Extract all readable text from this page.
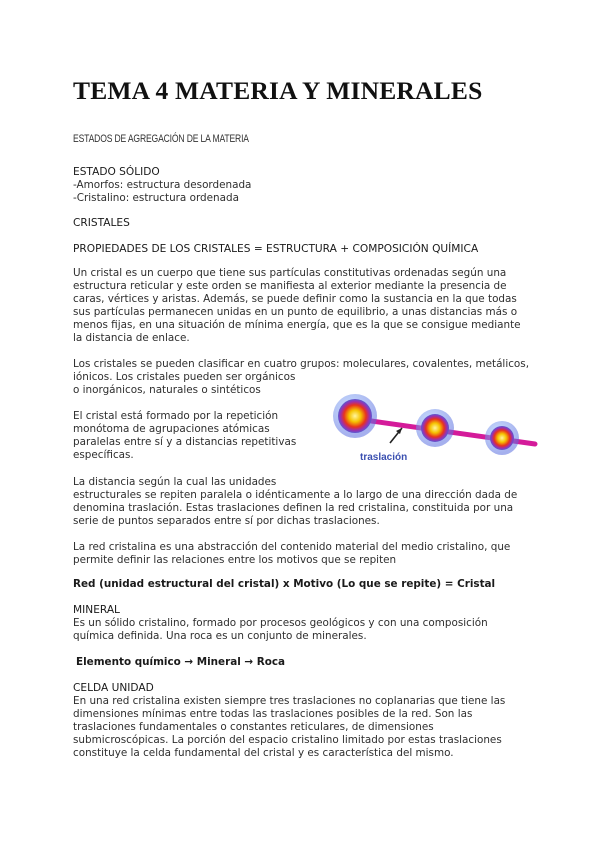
TEMA 4 MATERIA Y MINERALES
ESTADOS DE AGREGACIÓN DE LA MATERIA
ESTADO SÓLIDO
-Amorfos: estructura desordenada
-Cristalino: estructura ordenada
CRISTALES
PROPIEDADES DE LOS CRISTALES = ESTRUCTURA + COMPOSICIÓN QUÍMICA
Un cristal es un cuerpo que tiene sus partículas constitutivas ordenadas según una
estructura reticular y este orden se manifiesta al exterior mediante la presencia de
caras, vértices y aristas. Además, se puede definir como la sustancia en la que todas
sus partículas permanecen unidas en un punto de equilibrio, a unas distancias más o
menos fijas, en una situación de mínima energía, que es la que se consigue mediante
la distancia de enlace.
Los cristales se pueden clasificar en cuatro grupos: moleculares, covalentes, metálicos,
iónicos. Los cristales pueden ser orgánicos
o inorgánicos, naturales o sintéticos
El cristal está formado por la repetición
monótoma de agrupaciones atómicas
paralelas entre sí y a distancias repetitivas
específicas.	traslación
La distancia según la cual las unidades
estructurales se repiten paralela o idénticamente a lo largo de una dirección dada de
denomina traslación. Estas traslaciones definen la red cristalina, constituida por una
serie de puntos separados entre sí por dichas traslaciones.
La red cristalina es una abstracción del contenido material del medio cristalino, que
permite definir las relaciones entre los motivos que se repiten
Red (unidad estructural del cristal) x Motivo (Lo que se repite) = Cristal
MINERAL
Es un sólido cristalino, formado por procesos geológicos y con una composición
química definida. Una roca es un conjunto de minerales.
Elemento químico → Mineral → Roca
CELDA UNIDAD
En una red cristalina existen siempre tres traslaciones no coplanarias que tiene las
dimensiones mínimas entre todas las traslaciones posibles de la red. Son las
traslaciones fundamentales o constantes reticulares, de dimensiones
submicroscópicas. La porción del espacio cristalino limitado por estas traslaciones
constituye la celda fundamental del cristal y es característica del mismo.
